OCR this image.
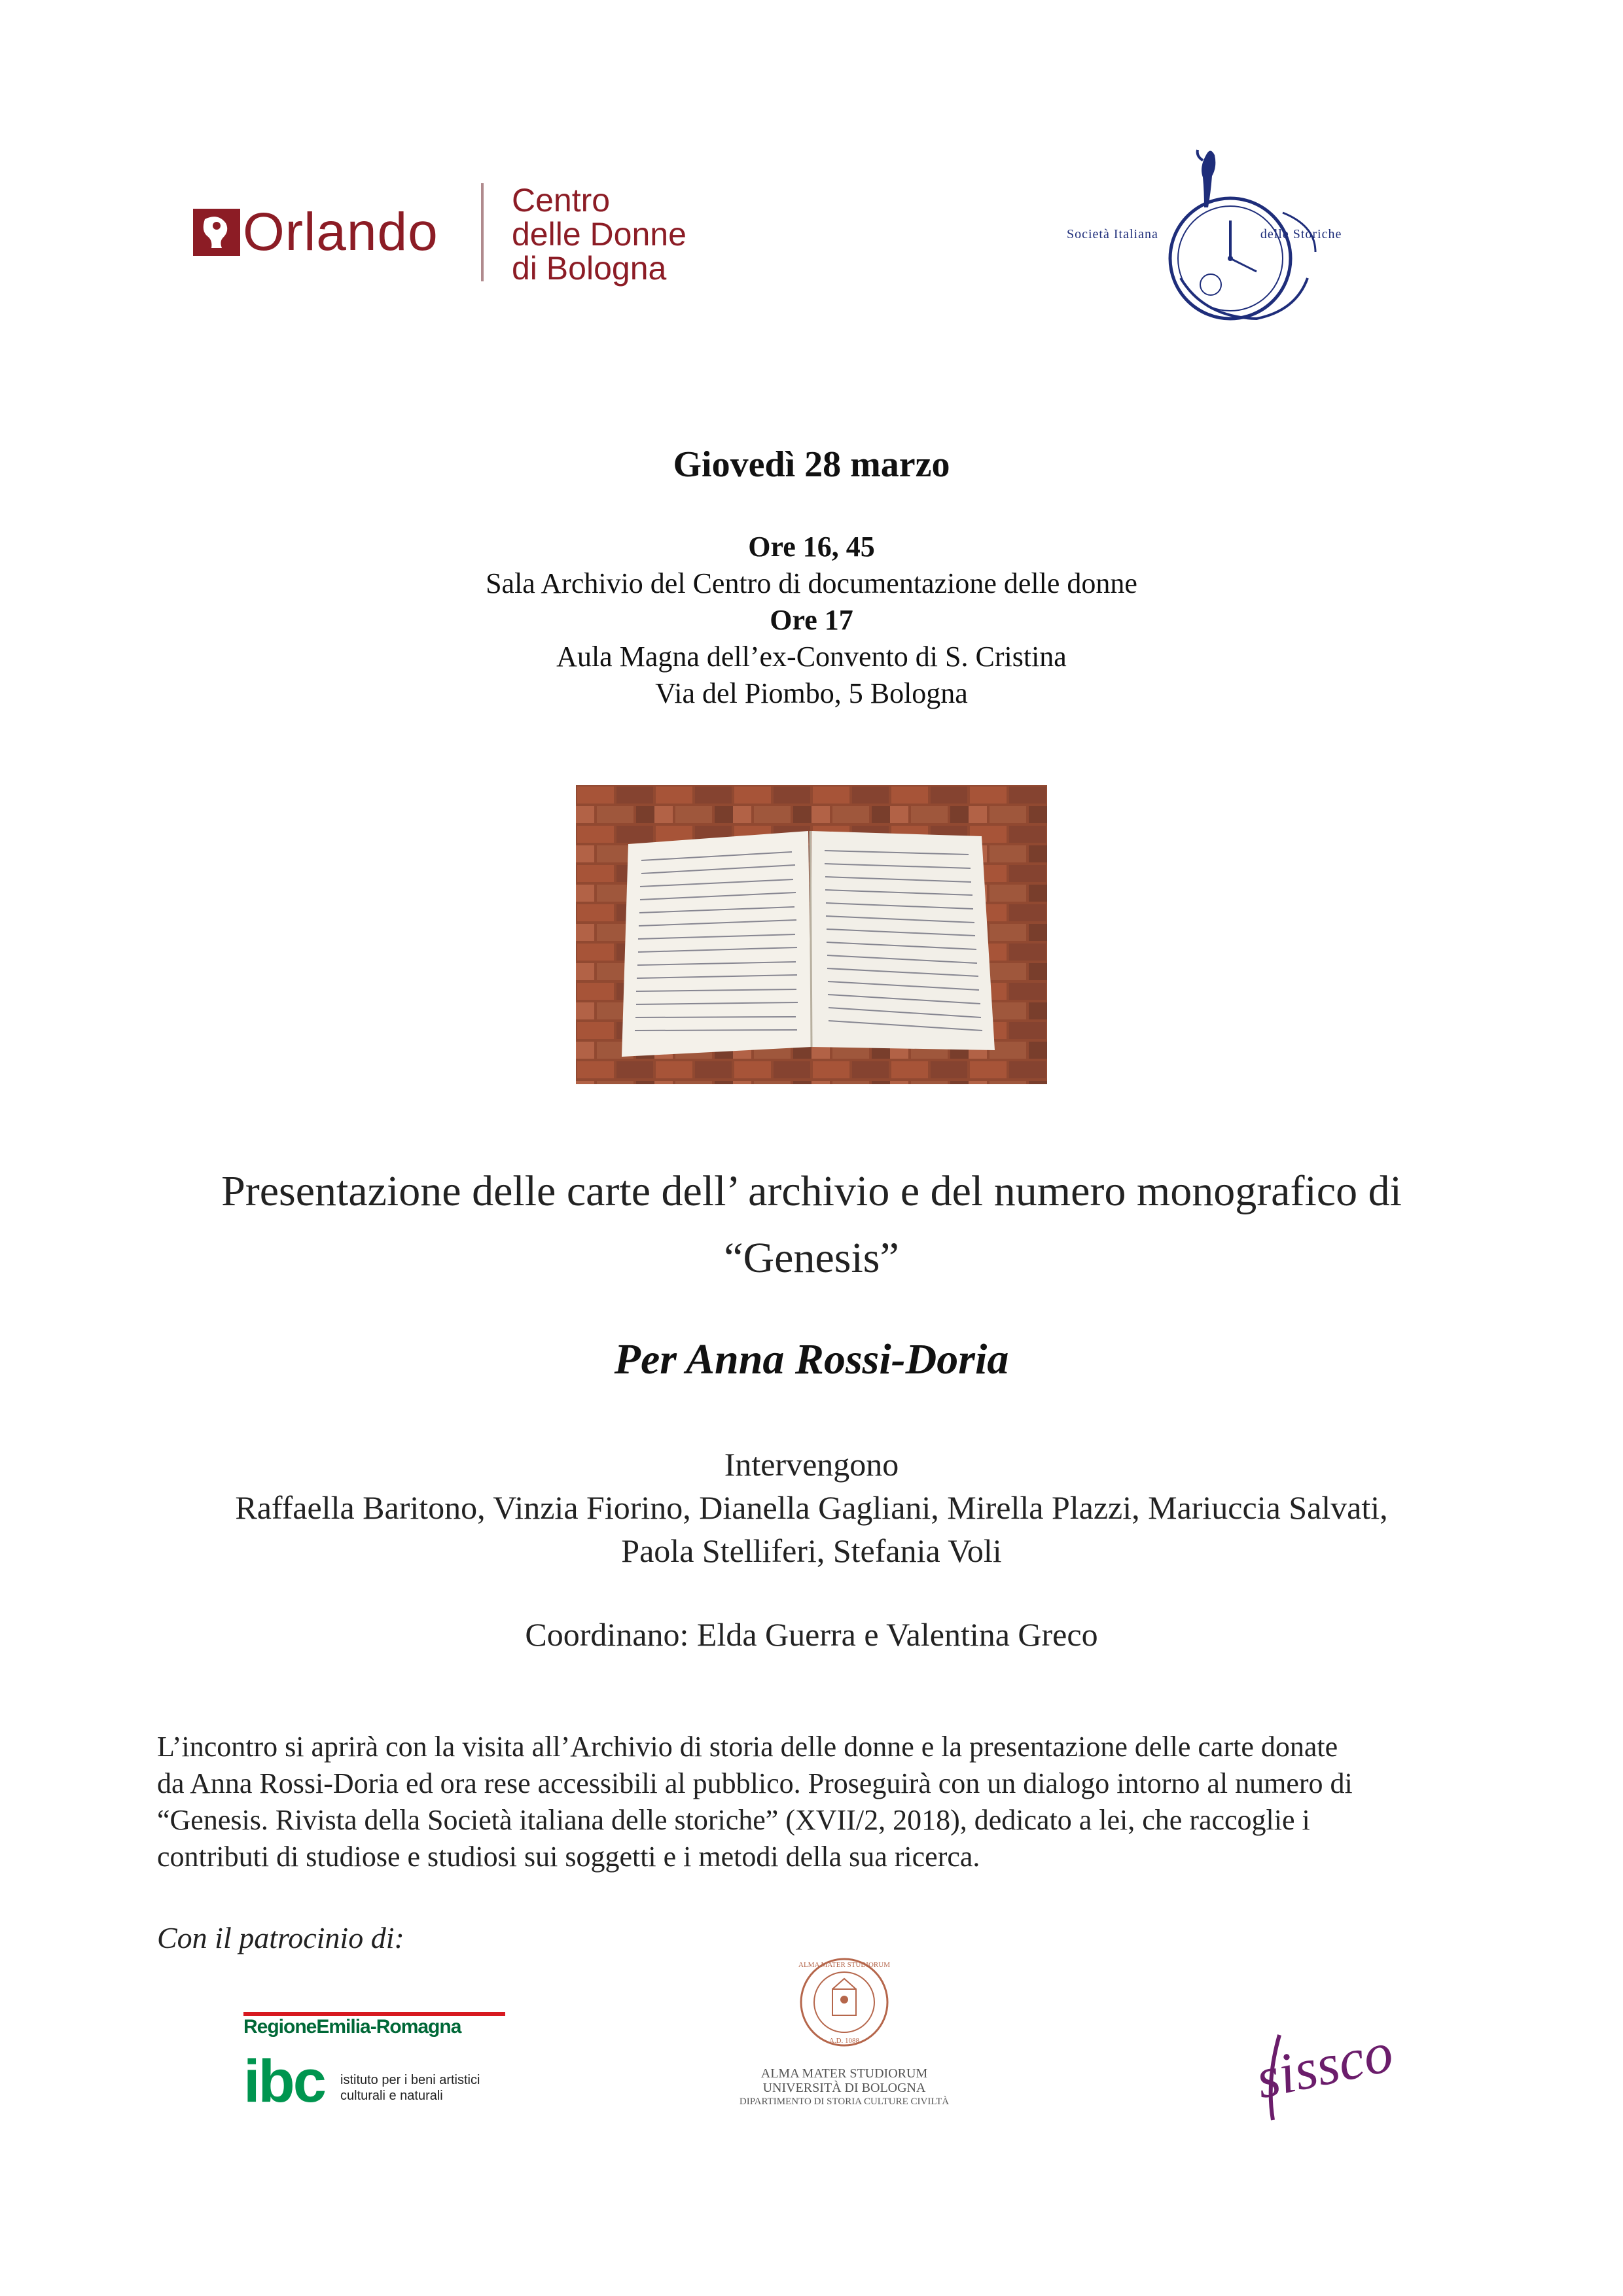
Orlando
Centro
delle Donne
di Bologna
Società Italiana	delle Storiche
Giovedì 28 marzo
Ore 16, 45
Sala Archivio del Centro di documentazione delle donne
Ore 17
Aula Magna dell’ex-Convento di S. Cristina
Via del Piombo, 5 Bologna
Presentazione delle carte dell’ archivio e del numero monografico di
“Genesis”
Per Anna Rossi-Doria
Intervengono
Raffaella Baritono, Vinzia Fiorino, Dianella Gagliani, Mirella Plazzi, Mariuccia Salvati,
Paola Stelliferi, Stefania Voli
Coordinano: Elda Guerra e Valentina Greco
L’incontro si aprirà con la visita all’Archivio di storia delle donne e la presentazione delle carte donate
da Anna Rossi-Doria ed ora rese accessibili al pubblico. Proseguirà con un dialogo intorno al numero di
“Genesis. Rivista della Società italiana delle storiche” (XVII/2, 2018), dedicato a lei, che raccoglie i
contributi di studiose e studiosi sui soggetti e i metodi della sua ricerca.
Con il patrocinio di:
RegioneEmilia-Romagna
ibc istituto per i beni artistici
culturali e naturali
ALMA MATER STUDIORUM
A.D. 1088
ALMA MATER STUDIORUM
UNIVERSITÀ DI BOLOGNA
DIPARTIMENTO DI STORIA CULTURE CIVILTÀ	sissco
